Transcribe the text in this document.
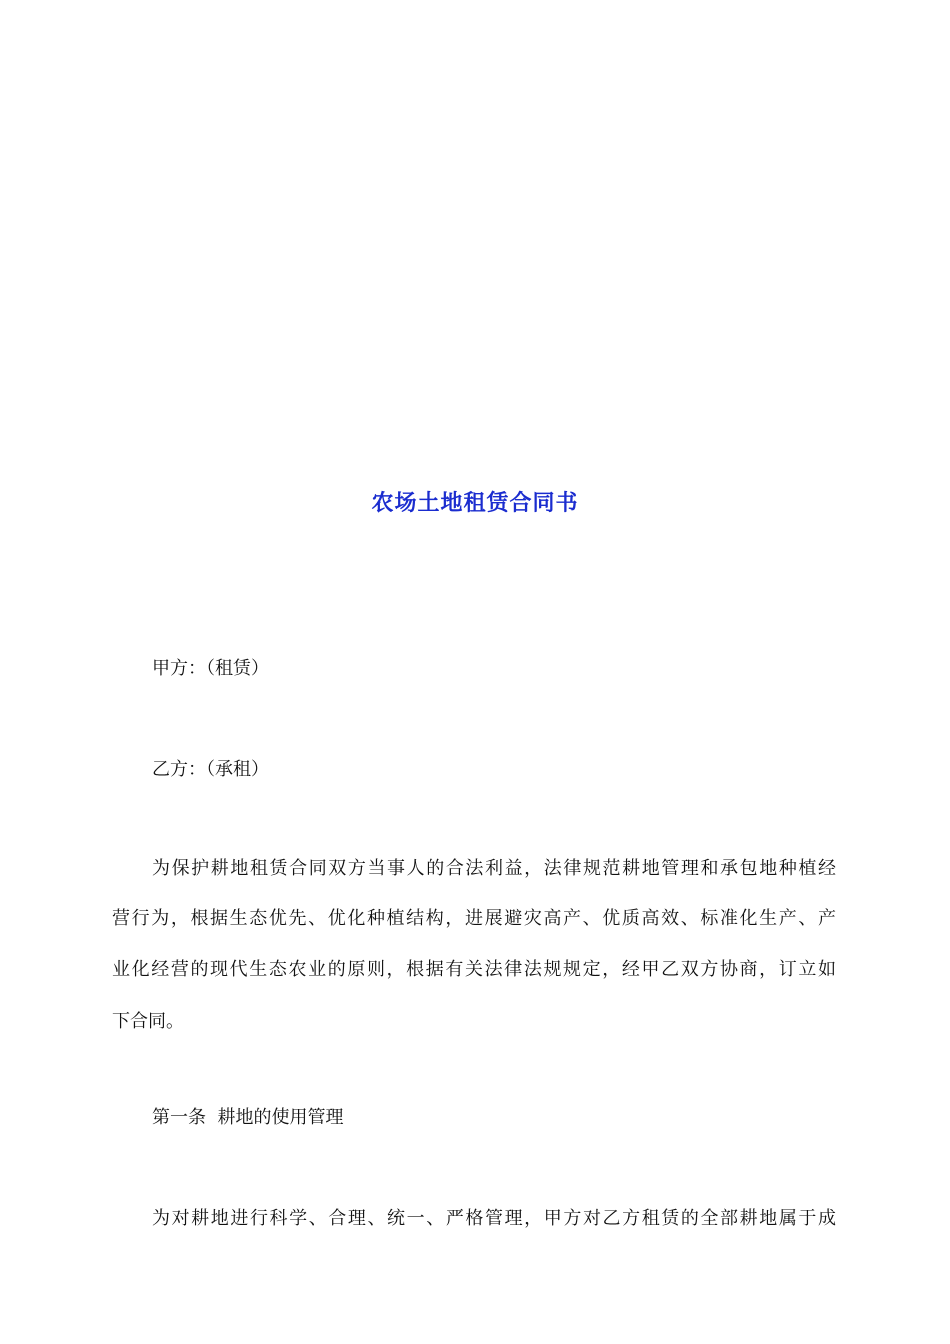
农场土地租赁合同书

甲方：（租赁）

乙方：（承租）

为保护耕地租赁合同双方当事人的合法利益，法律规范耕地管理和承包地种植经

营行为，根据生态优先、优化种植结构，进展避灾高产、优质高效、标准化生产、产

业化经营的现代生态农业的原则，根据有关法律法规规定，经甲乙双方协商，订立如

下合同。

第一条  耕地的使用管理

为对耕地进行科学、合理、统一、严格管理，甲方对乙方租赁的全部耕地属于成
